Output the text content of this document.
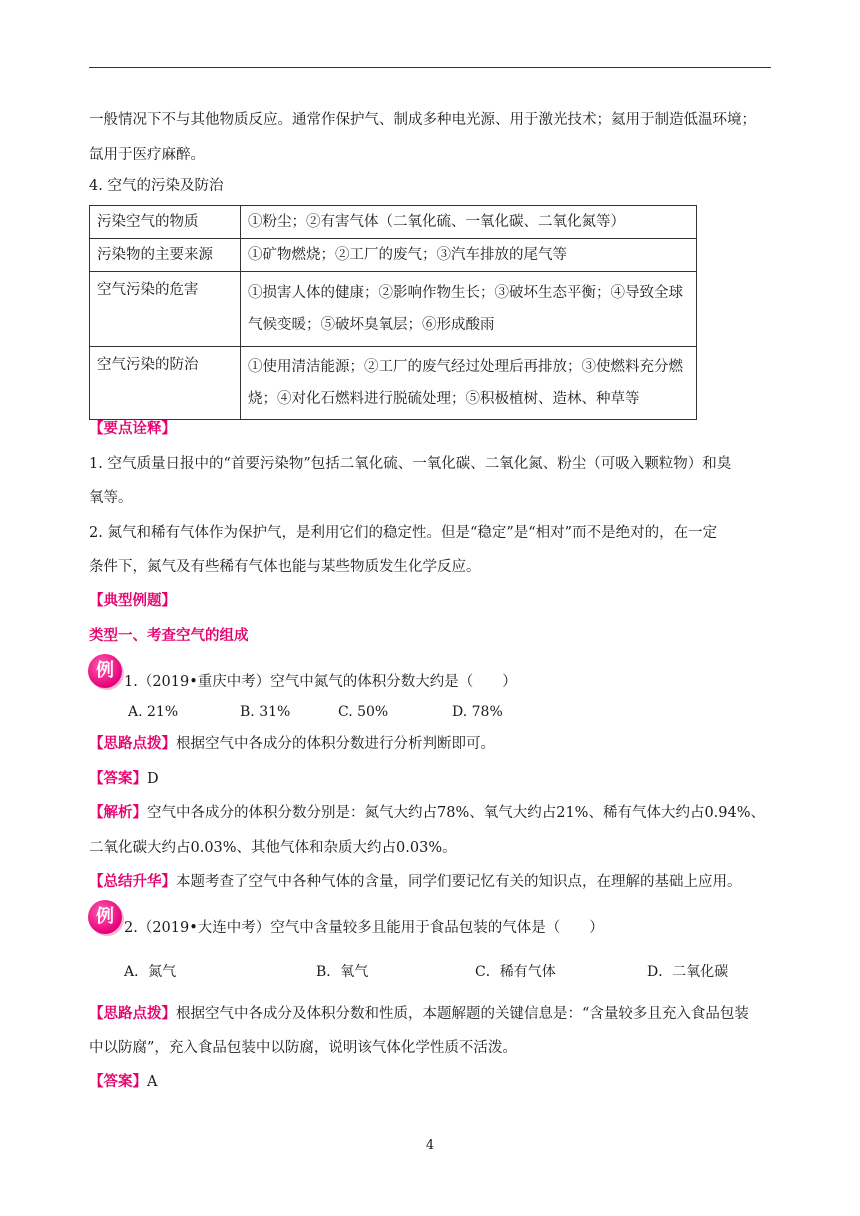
一般情况下不与其他物质反应。通常作保护气、制成多种电光源、用于激光技术；氦用于制造低温环境；
氙用于医疗麻醉。
4. 空气的污染及防治
污染空气的物质	①粉尘；②有害气体（二氧化硫、一氧化碳、二氧化氮等）

污染物的主要来源	①矿物燃烧；②工厂的废气；③汽车排放的尾气等

空气污染的危害	①损害人体的健康；②影响作物生长；③破坏生态平衡；④导致全球
气候变暖；⑤破坏臭氧层；⑥形成酸雨

空气污染的防治	①使用清洁能源；②工厂的废气经过处理后再排放；③使燃料充分燃
烧；④对化石燃料进行脱硫处理；⑤积极植树、造林、种草等
【要点诠释】
1. 空气质量日报中的“首要污染物”包括二氧化硫、一氧化碳、二氧化氮、粉尘（可吸入颗粒物）和臭
氧等。
2. 氮气和稀有气体作为保护气，是利用它们的稳定性。但是“稳定”是“相对”而不是绝对的，在一定
条件下，氮气及有些稀有气体也能与某些物质发生化学反应。
【典型例题】
类型一、考查空气的组成
例
1.（2019•重庆中考）空气中氮气的体积分数大约是（　　）
A. 21%	B. 31%	C. 50%	D. 78%
【思路点拨】根据空气中各成分的体积分数进行分析判断即可。
【答案】D
【解析】空气中各成分的体积分数分别是：氮气大约占78%、氧气大约占21%、稀有气体大约占0.94%、
二氧化碳大约占0.03%、其他气体和杂质大约占0.03%。
【总结升华】本题考查了空气中各种气体的含量，同学们要记忆有关的知识点，在理解的基础上应用。
例
2.（2019•大连中考）空气中含量较多且能用于食品包装的气体是（　　）
A．氮气	B．氧气	C．稀有气体	D．二氧化碳
【思路点拨】根据空气中各成分及体积分数和性质，本题解题的关键信息是：“含量较多且充入食品包装
中以防腐”，充入食品包装中以防腐，说明该气体化学性质不活泼。
【答案】A
4
